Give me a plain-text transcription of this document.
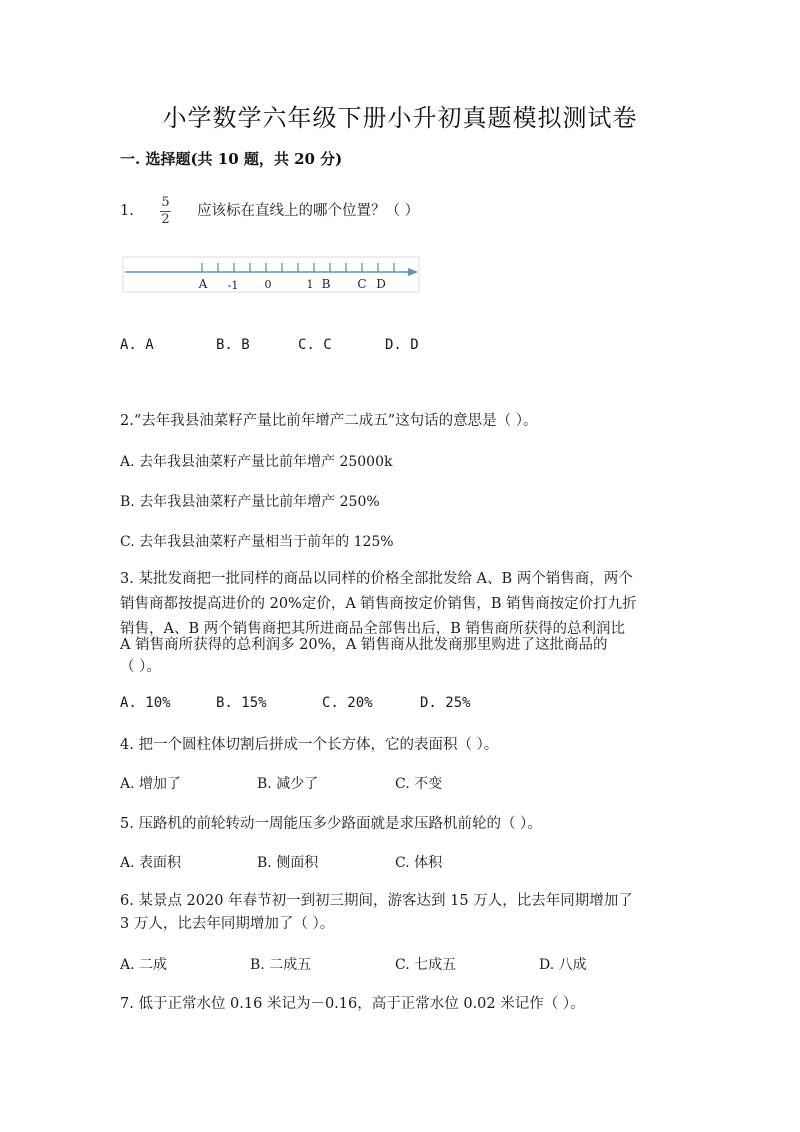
小学数学六年级下册小升初真题模拟测试卷
一. 选择题(共 10 题，共 20 分)
1.
5
2
应该标在直线上的哪个位置？（ ）
A -1 0	1 B C D
A. A	B. B	C. C	D. D
2.“去年我县油菜籽产量比前年增产二成五”这句话的意思是（ ）。
A. 去年我县油菜籽产量比前年增产 25000k
B. 去年我县油菜籽产量比前年增产 250%
C. 去年我县油菜籽产量相当于前年的 125%
3. 某批发商把一批同样的商品以同样的价格全部批发给 A、B 两个销售商，两个
销售商都按提高进价的 20%定价，A 销售商按定价销售，B 销售商按定价打九折
销售，A、B 两个销售商把其所进商品全部售出后，B 销售商所获得的总利润比
A 销售商所获得的总利润多 20%，A 销售商从批发商那里购进了这批商品的
（ ）。
A. 10%	B. 15%	C. 20%	D. 25%
4. 把一个圆柱体切割后拼成一个长方体，它的表面积（ ）。
A. 增加了	B. 减少了	C. 不变
5. 压路机的前轮转动一周能压多少路面就是求压路机前轮的（ ）。
A. 表面积	B. 侧面积	C. 体积
6. 某景点 2020 年春节初一到初三期间，游客达到 15 万人，比去年同期增加了
3 万人，比去年同期增加了（ ）。
A. 二成	B. 二成五	C. 七成五	D. 八成
7. 低于正常水位 0.16 米记为－0.16，高于正常水位 0.02 米记作（ ）。
